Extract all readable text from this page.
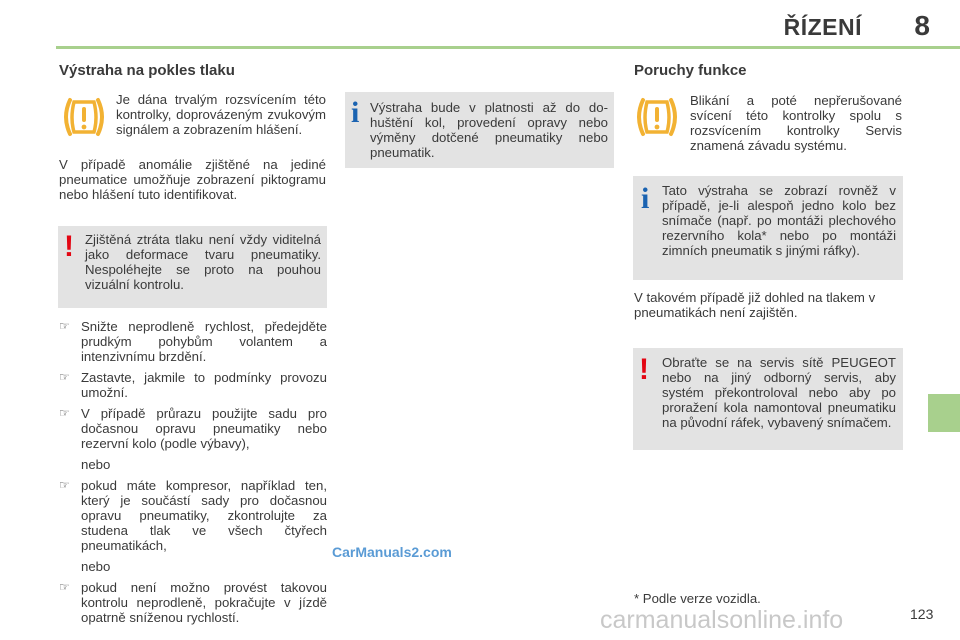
ŘÍZENÍ 8
Výstraha na pokles tlaku

Je dána trvalým rozsvícením této kontrolky, doprovázeným zvukovým signálem a zobrazením hlášení.

V případě anomálie zjištěné na jediné pneumatice umožňuje zobrazení piktogramu nebo hlášení tuto identifikovat.

! Zjištěná ztráta tlaku není vždy viditelná jako deformace tvaru pneumatiky. Nespoléhejte se proto na pouhou vizuální kontrolu.

☞ Snižte neprodleně rychlost, předejděte prudkým pohybům volantem a intenzivnímu brzdění.
☞ Zastavte, jakmile to podmínky provozu umožní.
☞ V případě průrazu použijte sadu pro dočasnou opravu pneumatiky nebo rezervní kolo (podle výbavy),
nebo
☞ pokud máte kompresor, například ten, který je součástí sady pro dočasnou opravu pneumatiky, zkontrolujte za studena tlak ve všech čtyřech pneumatikách,
nebo
☞ pokud není možno provést takovou kontrolu neprodleně, pokračujte v jízdě opatrně sníženou rychlostí.
i Výstraha bude v platnosti až do dohuštění kol, provedení opravy nebo výměny dotčené pneumatiky nebo pneumatik.

Poruchy funkce

Blikání a poté nepřerušované svícení této kontrolky spolu s rozsvícením kontrolky Servis znamená závadu systému.

i Tato výstraha se zobrazí rovněž v případě, je-li alespoň jedno kolo bez snímače (např. po montáži plechového rezervního kola* nebo po montáži zimních pneumatik s jinými ráfky).

V takovém případě již dohled na tlakem v pneumatikách není zajištěn.

! Obraťte se na servis sítě PEUGEOT nebo na jiný odborný servis, aby systém překontroloval nebo aby po proražení kola namontoval pneumatiku na původní ráfek, vybavený snímačem.

* Podle verze vozidla.

CarManuals2.com
carmanualsonline.info	123
